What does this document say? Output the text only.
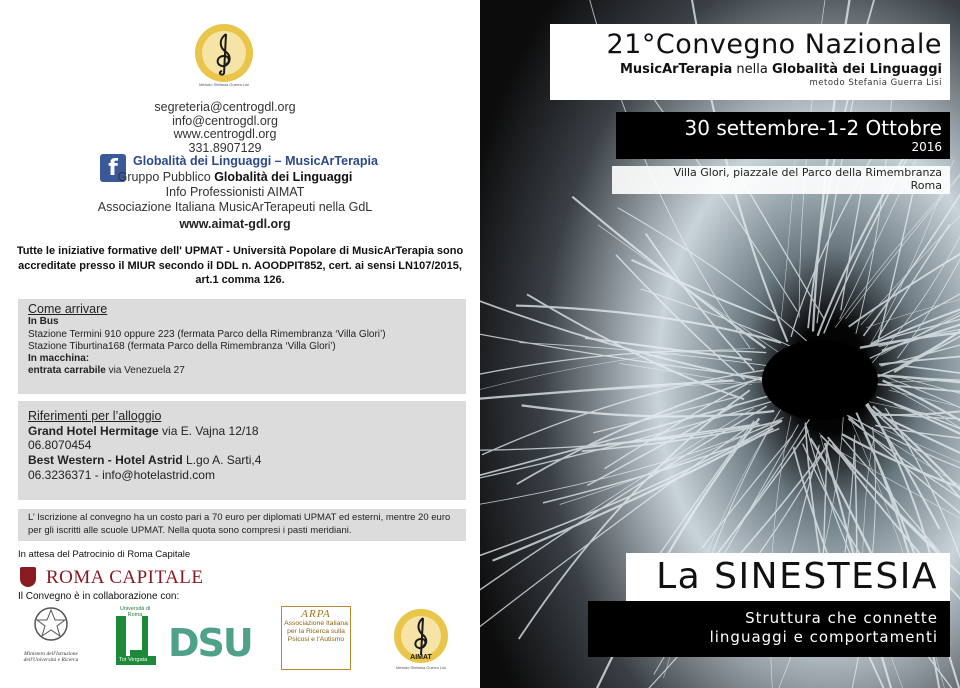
Metodo Stefania Guerra Lisi
segreteria@centrogdl.org
info@centrogdl.org
www.centrogdl.org
331.8907129
f	Globalità dei Linguaggi – MusicArTerapia
Gruppo Pubblico Globalità dei Linguaggi
Info Professionisti AIMAT
Associazione Italiana MusicArTerapeuti nella GdL
www.aimat-gdl.org
Tutte le iniziative formative dell' UPMAT - Università Popolare di MusicArTerapia sono accreditate presso il MIUR secondo il DDL n. AOODPIT852, cert. ai sensi LN107/2015, art.1 comma 126.
Come arrivare
In Bus
Stazione Termini 910 oppure 223 (fermata Parco della Rimembranza ‘Villa Glori’)
Stazione Tiburtina168 (fermata Parco della Rimembranza ‘Villa Glori’)
In macchina:
entrata carrabile via Venezuela 27
Riferimenti per l’alloggio
Grand Hotel Hermitage via E. Vajna 12/18
06.8070454
Best Western - Hotel Astrid L.go A. Sarti,4
06.3236371 - info@hotelastrid.com
L’ Iscrizione al convegno ha un costo pari a 70 euro per diplomati UPMAT ed esterni, mentre 20 euro per gli iscritti alle scuole UPMAT. Nella quota sono compresi i pasti meridiani.
In attesa del Patrocinio di Roma Capitale
ROMA CAPITALE
Il Convegno è in collaborazione con:
Ministero dell'Istruzione dell'Università e Ricerca
Università di Roma
Tor Vergata DSU
ARPA
Associazione Italiana per la Ricerca sulla Psicosi e l'Autismo
AIMAT
Metodo Stefania Guerra Lisi
21°Convegno Nazionale
MusicArTerapia nella Globalità dei Linguaggi
metodo Stefania Guerra Lisi
30 settembre-1-2 Ottobre
2016
Villa Glori, piazzale del Parco della Rimembranza
Roma
La SINESTESIA
Struttura che connette
linguaggi e comportamenti
